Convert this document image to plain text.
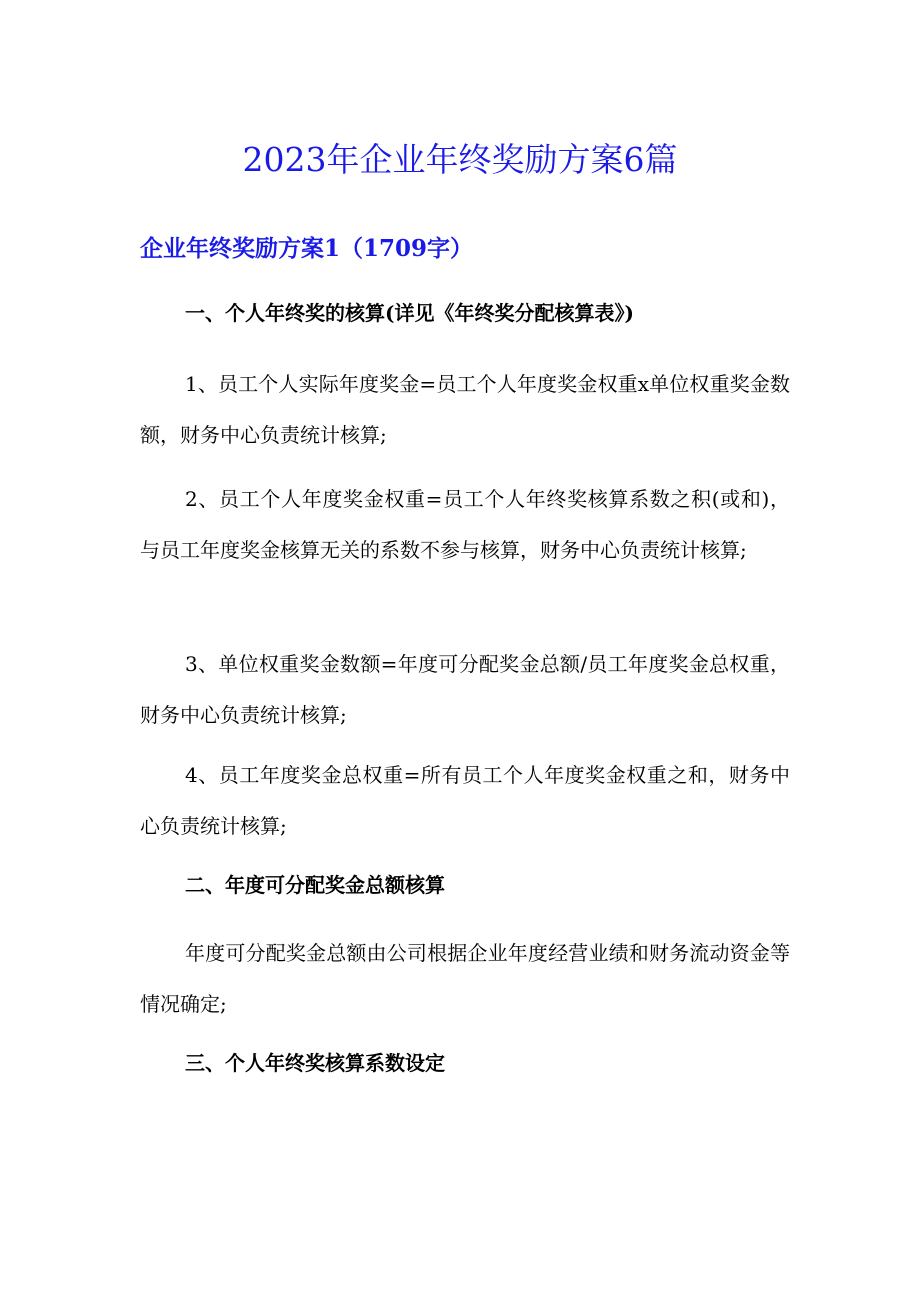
2023年企业年终奖励方案6篇
企业年终奖励方案1（1709字）
一、个人年终奖的核算(详见《年终奖分配核算表》)

1、员工个人实际年度奖金=员工个人年度奖金权重x单位权重奖金数额，财务中心负责统计核算;

2、员工个人年度奖金权重=员工个人年终奖核算系数之积(或和)，与员工年度奖金核算无关的系数不参与核算，财务中心负责统计核算;

3、单位权重奖金数额=年度可分配奖金总额/员工年度奖金总权重，财务中心负责统计核算;

4、员工年度奖金总权重=所有员工个人年度奖金权重之和，财务中心负责统计核算;

二、年度可分配奖金总额核算

年度可分配奖金总额由公司根据企业年度经营业绩和财务流动资金等情况确定;

三、个人年终奖核算系数设定
